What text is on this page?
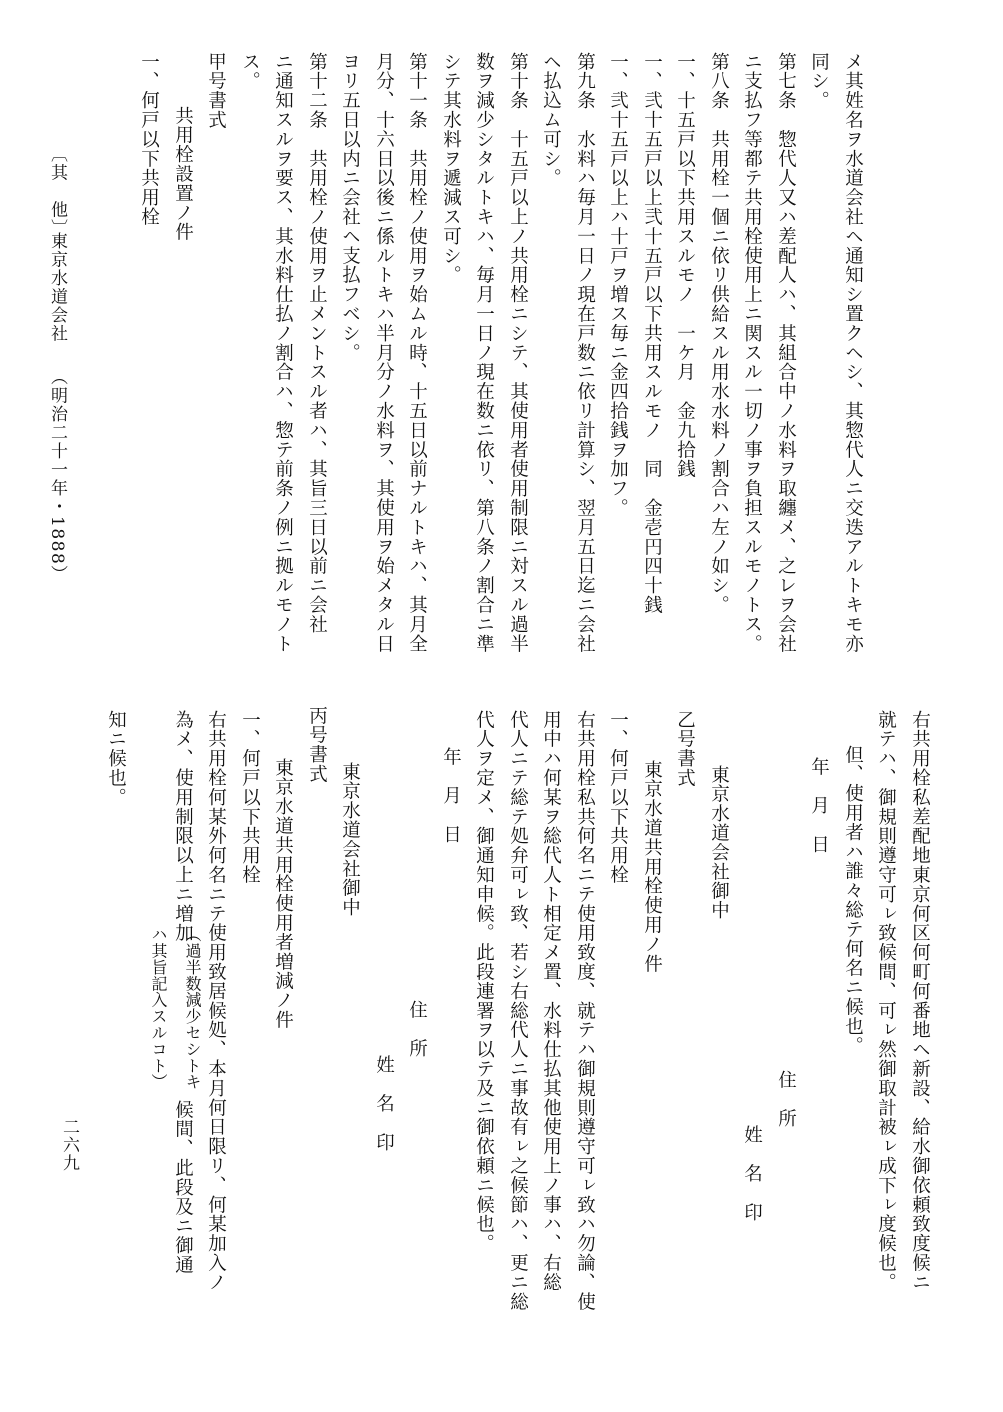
メ其姓名ヲ水道会社ヘ通知シ置クヘシ、其惣代人ニ交迭アルトキモ亦
同シ。
第七条　惣代人又ハ差配人ハ、其組合中ノ水料ヲ取纏メ、之レヲ会社
ニ支払フ等都テ共用栓使用上ニ関スル一切ノ事ヲ負担スルモノトス。
第八条　共用栓一個ニ依リ供給スル用水水料ノ割合ハ左ノ如シ。
一、十五戸以下共用スルモノ　一ケ月　金九拾銭
一、弐十五戸以上弐十五戸以下共用スルモノ　同　金壱円四十銭
一、弐十五戸以上ハ十戸ヲ増ス毎ニ金四拾銭ヲ加フ。
第九条　水料ハ毎月一日ノ現在戸数ニ依リ計算シ、翌月五日迄ニ会社
ヘ払込ム可シ。
第十条　十五戸以上ノ共用栓ニシテ、其使用者使用制限ニ対スル過半
数ヲ減少シタルトキハ、毎月一日ノ現在数ニ依リ、第八条ノ割合ニ準
シテ其水料ヲ遞減ス可シ。
第十一条　共用栓ノ使用ヲ始ムル時、十五日以前ナルトキハ、其月全
月分、十六日以後ニ係ルトキハ半月分ノ水料ヲ、其使用ヲ始メタル日
ヨリ五日以内ニ会社ヘ支払フベシ。
第十二条　共用栓ノ使用ヲ止メントスル者ハ、其旨三日以前ニ会社
ニ通知スルヲ要ス、其水料仕払ノ割合ハ、惣テ前条ノ例ニ拠ルモノト
ス。
甲号書式
共用栓設置ノ件
一、何戸以下共用栓
〔其　他〕
東京水道会社
（明治二十一年・1888）
右共用栓私差配地東京何区何町何番地ヘ新設、給水御依頼致度候ニ
就テハ、御規則遵守可ㇾ致候間、可ㇾ然御取計被ㇾ成下ㇾ度候也。
但、使用者ハ誰々総テ何名ニ候也。
年　月　日
住　所
姓　名　印
東京水道会社御中
乙号書式
東京水道共用栓使用ノ件
一、何戸以下共用栓
右共用栓私共何名ニテ使用致度、就テハ御規則遵守可ㇾ致ハ勿論、使
用中ハ何某ヲ総代人ト相定メ置、水料仕払其他使用上ノ事ハ、右総
代人ニテ総テ処弁可ㇾ致、若シ右総代人ニ事故有ㇾ之候節ハ、更ニ総
代人ヲ定メ、御通知申候。此段連署ヲ以テ及ニ御依頼ニ候也。
年　月　日
住　所
姓　名　印
東京水道会社御中
丙号書式
東京水道共用栓使用者増減ノ件
一、何戸以下共用栓
右共用栓何某外何名ニテ使用致居候処、本月何日限リ、何某加入ノ
為メ、使用制限以上ニ増加
（過半数減少セシトキ
ハ其旨記入スルコト）
候間、此段及ニ御通
知ニ候也。
二六九
